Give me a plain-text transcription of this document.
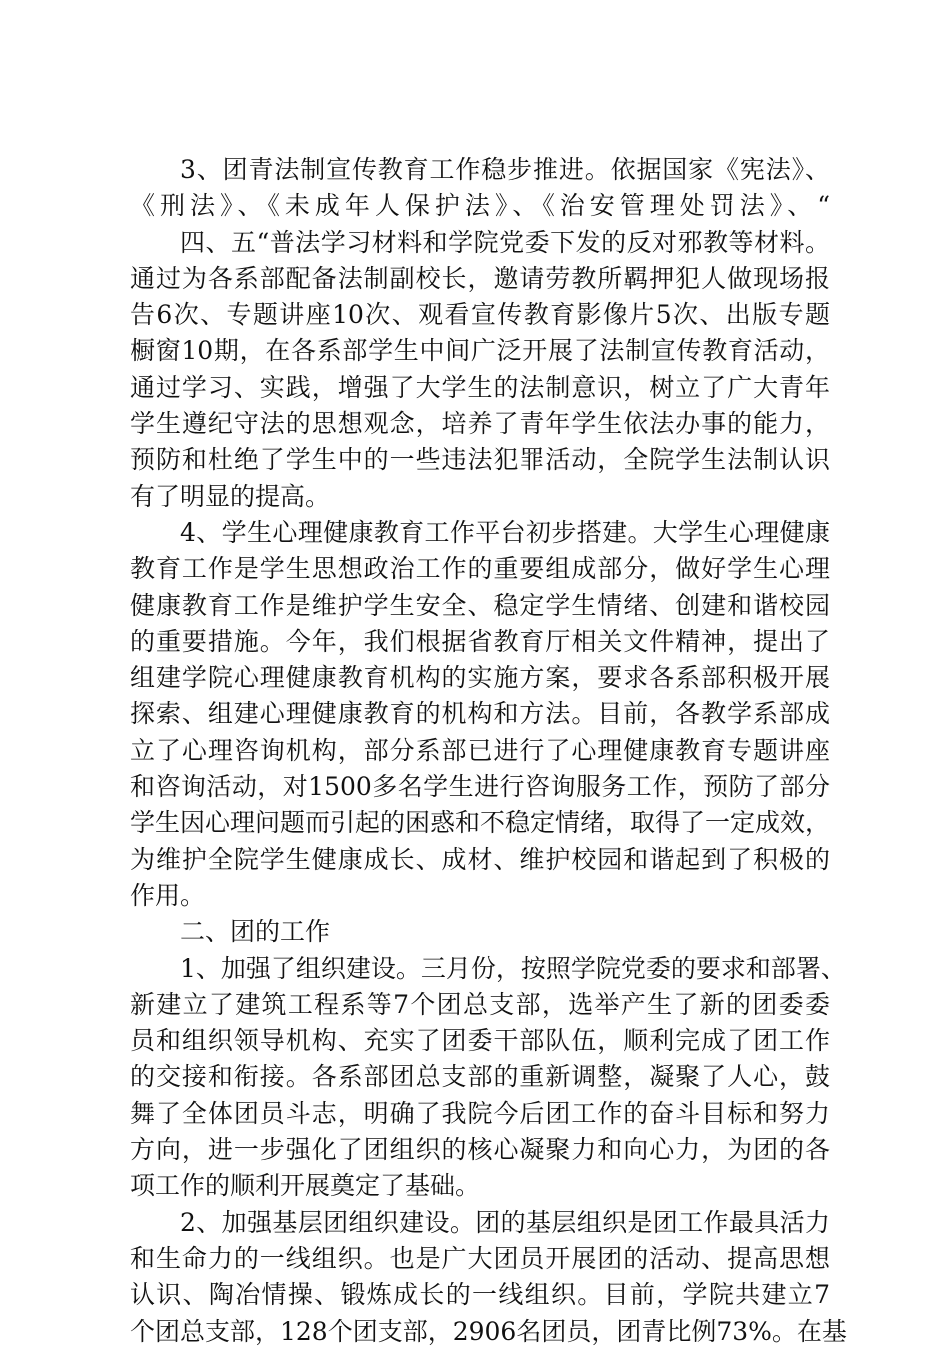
3、团青法制宣传教育工作稳步推进。依据国家《宪法》、
《刑法》、《未成年人保护法》、《治安管理处罚法》、“
四、五“普法学习材料和学院党委下发的反对邪教等材料。
通过为各系部配备法制副校长，邀请劳教所羁押犯人做现场报
告6次、专题讲座10次、观看宣传教育影像片5次、出版专题
橱窗10期，在各系部学生中间广泛开展了法制宣传教育活动，
通过学习、实践，增强了大学生的法制意识，树立了广大青年
学生遵纪守法的思想观念，培养了青年学生依法办事的能力，
预防和杜绝了学生中的一些违法犯罪活动，全院学生法制认识
有了明显的提高。
4、学生心理健康教育工作平台初步搭建。大学生心理健康
教育工作是学生思想政治工作的重要组成部分，做好学生心理
健康教育工作是维护学生安全、稳定学生情绪、创建和谐校园
的重要措施。今年，我们根据省教育厅相关文件精神，提出了
组建学院心理健康教育机构的实施方案，要求各系部积极开展
探索、组建心理健康教育的机构和方法。目前，各教学系部成
立了心理咨询机构，部分系部已进行了心理健康教育专题讲座
和咨询活动，对1500多名学生进行咨询服务工作，预防了部分
学生因心理问题而引起的困惑和不稳定情绪，取得了一定成效，
为维护全院学生健康成长、成材、维护校园和谐起到了积极的
作用。
二、团的工作
1、加强了组织建设。三月份，按照学院党委的要求和部署、
新建立了建筑工程系等7个团总支部，选举产生了新的团委委
员和组织领导机构、充实了团委干部队伍，顺利完成了团工作
的交接和衔接。各系部团总支部的重新调整，凝聚了人心，鼓
舞了全体团员斗志，明确了我院今后团工作的奋斗目标和努力
方向，进一步强化了团组织的核心凝聚力和向心力，为团的各
项工作的顺利开展奠定了基础。
2、加强基层团组织建设。团的基层组织是团工作最具活力
和生命力的一线组织。也是广大团员开展团的活动、提高思想
认识、陶冶情操、锻炼成长的一线组织。目前，学院共建立7
个团总支部，128个团支部，2906名团员，团青比例73%。在基
